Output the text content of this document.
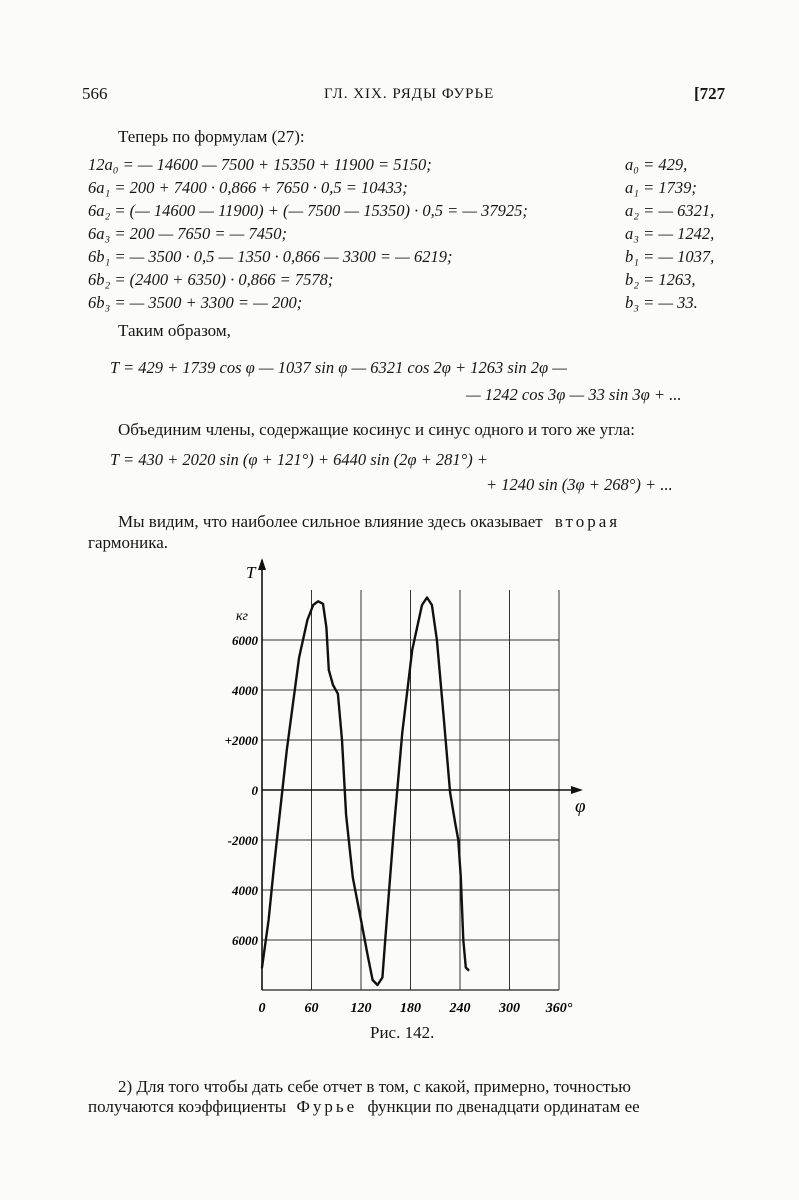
566	ГЛ. XIX. РЯДЫ ФУРЬЕ	[727
Теперь по формулам (27):
12a₀ = — 14600 — 7500 + 15350 + 11900 = 5150;	a₀ = 429,
6a₁ = 200 + 7400 · 0,866 + 7650 · 0,5 = 10433;	a₁ = 1739;
6a₂ = (— 14600 — 11900) + (— 7500 — 15350) · 0,5 = — 37925;	a₂ = — 6321,
6a₃ = 200 — 7650 = — 7450;	a₃ = — 1242,
6b₁ = — 3500 · 0,5 — 1350 · 0,866 — 3300 = — 6219;	b₁ = — 1037,
6b₂ = (2400 + 6350) · 0,866 = 7578;	b₂ = 1263,
6b₃ = — 3500 + 3300 = — 200;	b₃ = — 33.
Таким образом,
T = 429 + 1739 cos φ — 1037 sin φ — 6321 cos 2φ + 1263 sin 2φ —
— 1242 cos 3φ — 33 sin 3φ + ...
Объединим члены, содержащие косинус и синус одного и того же угла:
T = 430 + 2020 sin (φ + 121°) + 6440 sin (2φ + 281°) +
+ 1240 sin (3φ + 268°) + ...
Мы видим, что наиболее сильное влияние здесь оказывает вторая
гармоника.
T
кг
φ
6000
4000
+2000
0
-2000
4000
6000
0	60 120 180 240 300 360°
Рис. 142.
2) Для того чтобы дать себе отчет в том, с какой, примерно, точностью
получаются коэффициенты Фурье функции по двенадцати ординатам ее
